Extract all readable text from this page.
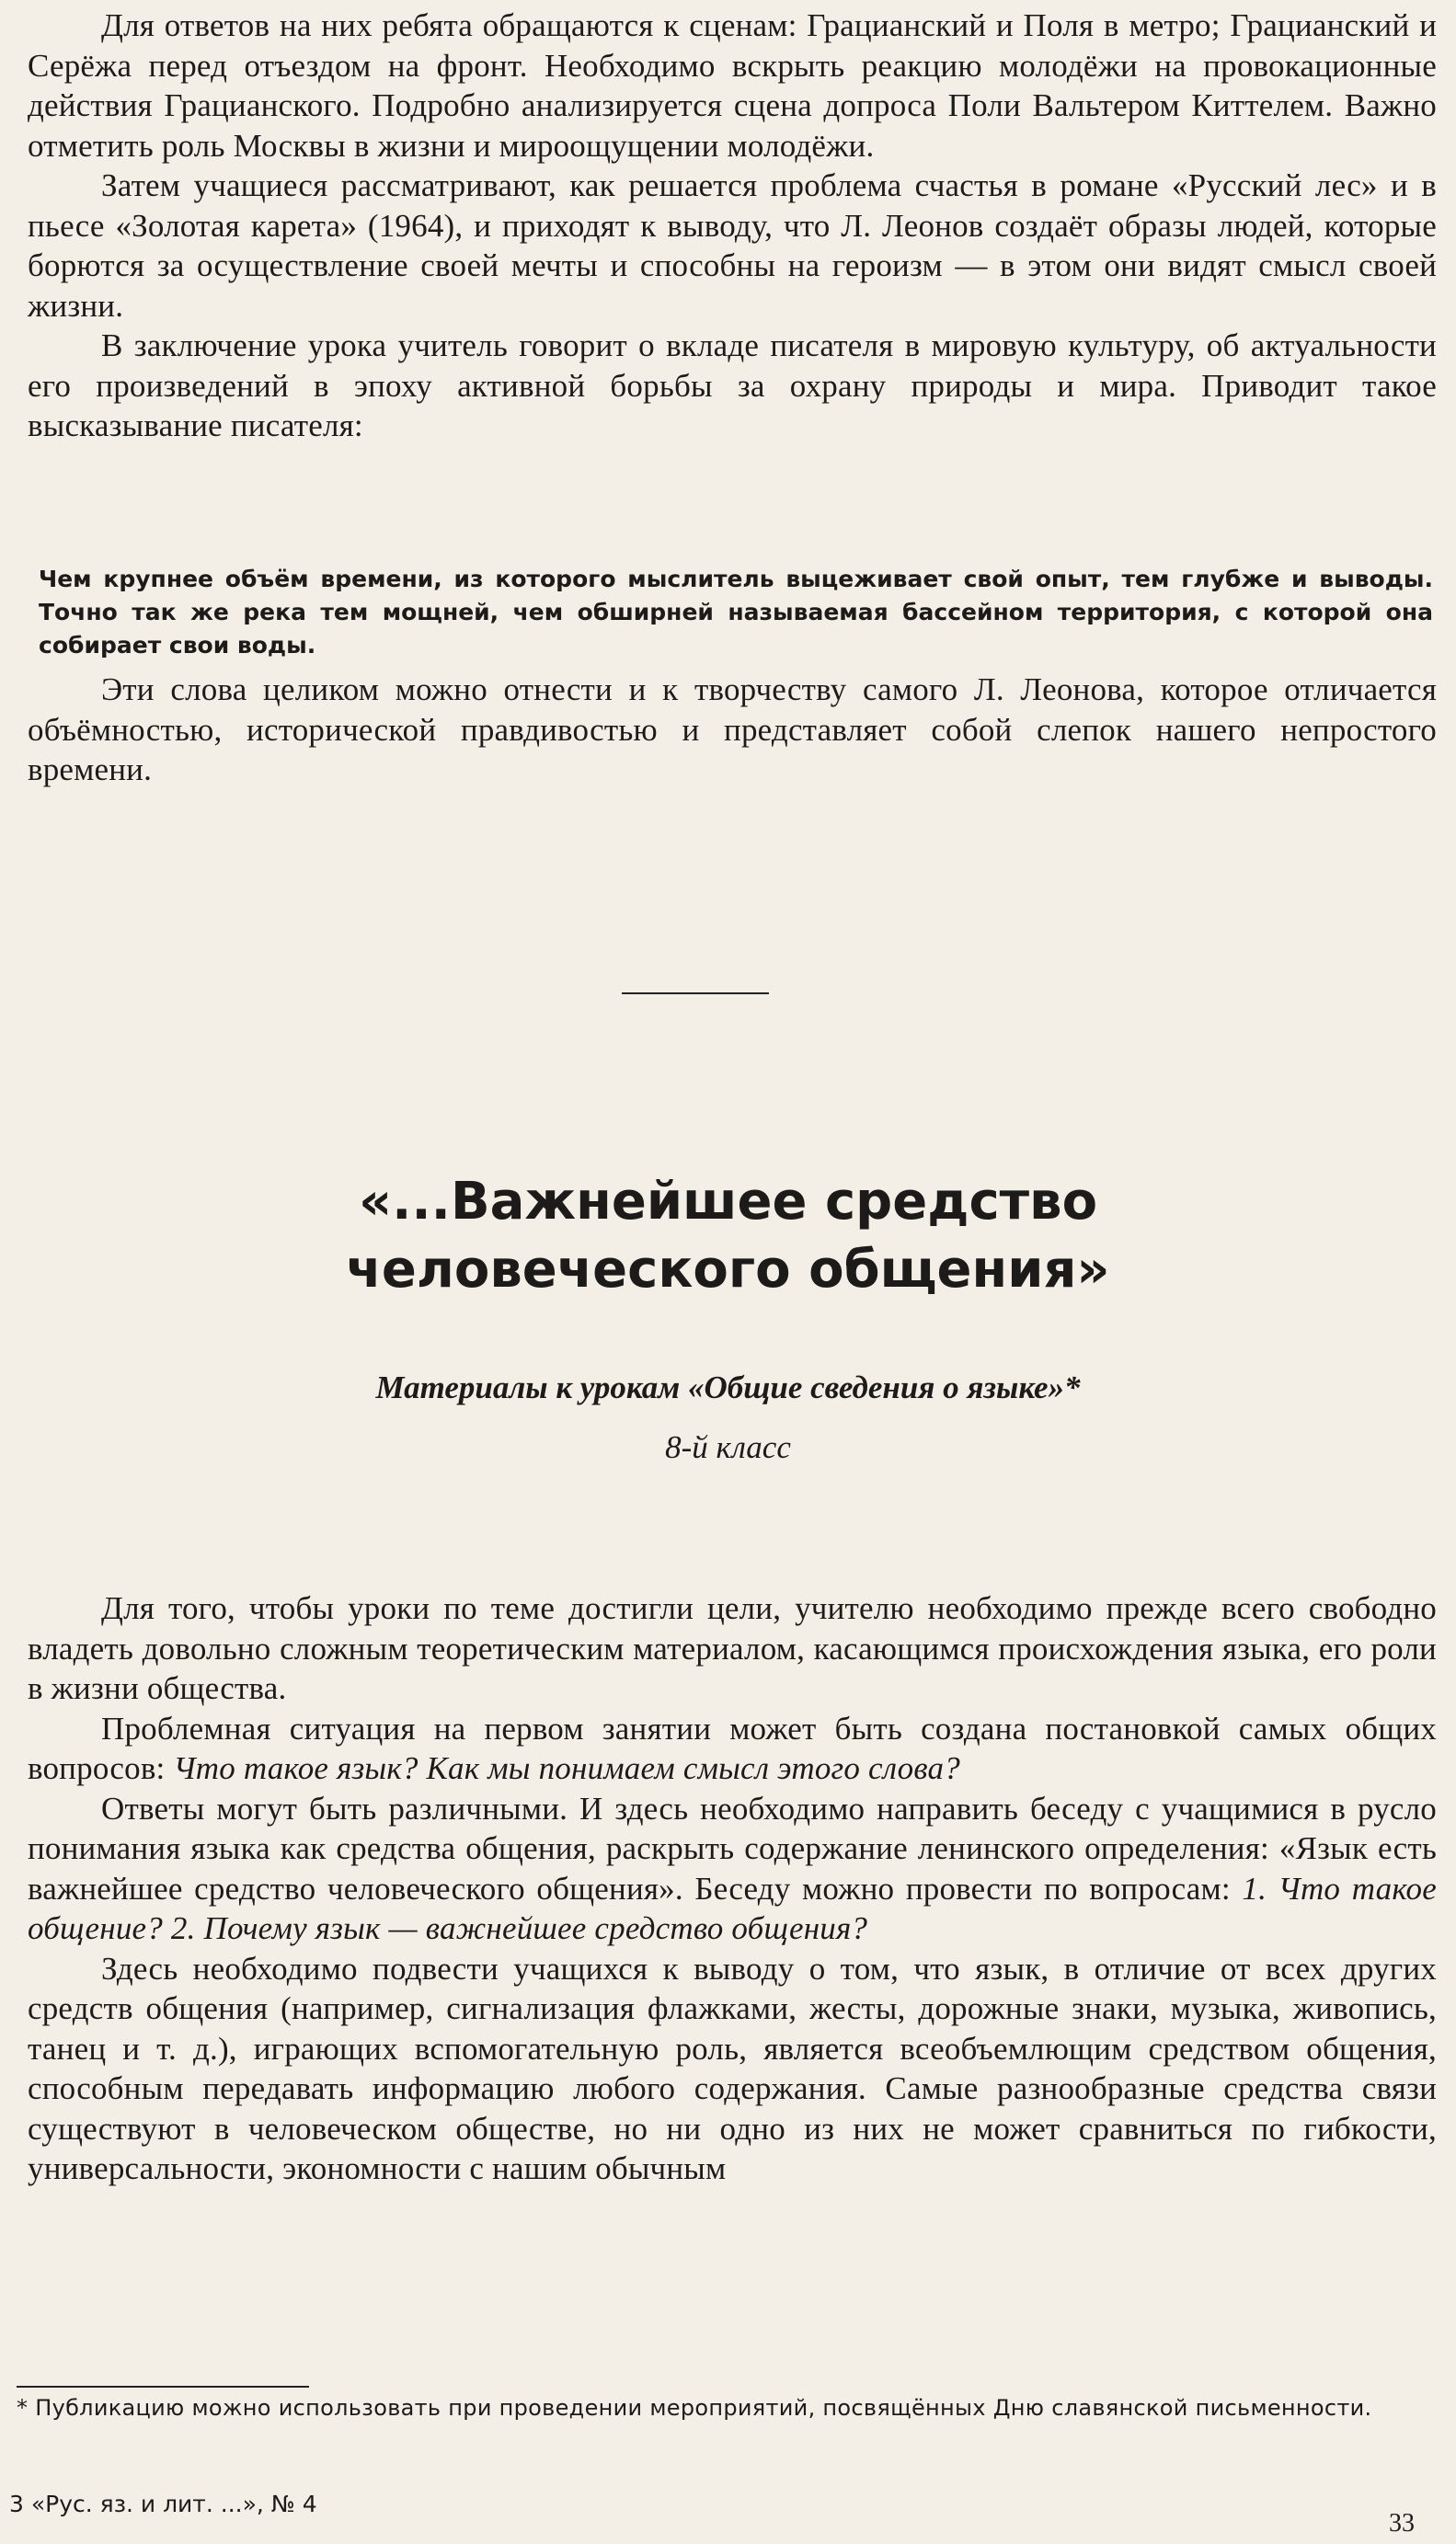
Для ответов на них ребята обращаются к сценам: Грацианский и Поля в метро; Грацианский и Серёжа перед отъездом на фронт. Необходимо вскрыть реакцию молодёжи на провокационные действия Грацианского. Подробно анализируется сцена допроса Поли Вальтером Киттелем. Важно отметить роль Москвы в жизни и мироощущении молодёжи.

Затем учащиеся рассматривают, как решается проблема счастья в романе «Русский лес» и в пьесе «Золотая карета» (1964), и приходят к выводу, что Л. Леонов создаёт образы людей, которые борются за осуществление своей мечты и способны на героизм — в этом они видят смысл своей жизни.

В заключение урока учитель говорит о вкладе писателя в мировую культуру, об актуальности его произведений в эпоху активной борьбы за охрану природы и мира. Приводит такое высказывание писателя:

Чем крупнее объём времени, из которого мыслитель выцеживает свой опыт, тем глубже и выводы. Точно так же река тем мощней, чем обширней называемая бассейном территория, с которой она собирает свои воды.

Эти слова целиком можно отнести и к творчеству самого Л. Леонова, которое отличается объёмностью, исторической правдивостью и представляет собой слепок нашего непростого времени.

«...Важнейшее средство
человеческого общения»

Материалы к урокам «Общие сведения о языке»*

8-й класс

Для того, чтобы уроки по теме достигли цели, учителю необходимо прежде всего свободно владеть довольно сложным теоретическим материалом, касающимся происхождения языка, его роли в жизни общества.

Проблемная ситуация на первом занятии может быть создана постановкой самых общих вопросов: Что такое язык? Как мы понимаем смысл этого слова?

Ответы могут быть различными. И здесь необходимо направить беседу с учащимися в русло понимания языка как средства общения, раскрыть содержание ленинского определения: «Язык есть важнейшее средство человеческого общения». Беседу можно провести по вопросам: 1. Что такое общение? 2. Почему язык — важнейшее средство общения?

Здесь необходимо подвести учащихся к выводу о том, что язык, в отличие от всех других средств общения (например, сигнализация флажками, жесты, дорожные знаки, музыка, живопись, танец и т. д.), играющих вспомогательную роль, является всеобъемлющим средством общения, способным передавать информацию любого содержания. Самые разнообразные средства связи существуют в человеческом обществе, но ни одно из них не может сравниться по гибкости, универсальности, экономности с нашим обычным

* Публикацию можно использовать при проведении мероприятий, посвящённых Дню славянской письменности.

3 «Рус. яз. и лит. ...», № 4

33
